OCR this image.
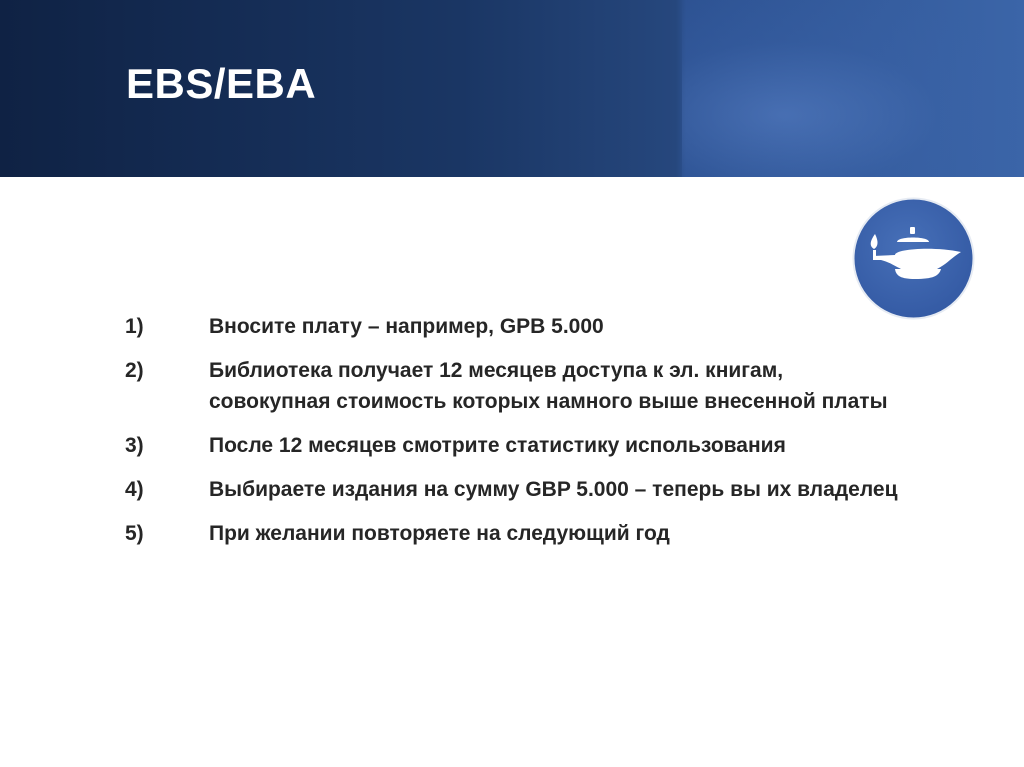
EBS/EBA
1)	Вносите плату – например, GPB 5.000
2)	Библиотека получает 12 месяцев доступа к эл. книгам, совокупная стоимость которых намного выше внесенной платы
3)	После 12 месяцев смотрите статистику использования
4)	Выбираете издания на сумму GBP 5.000 – теперь вы их владелец
5)	При желании повторяете на следующий год
